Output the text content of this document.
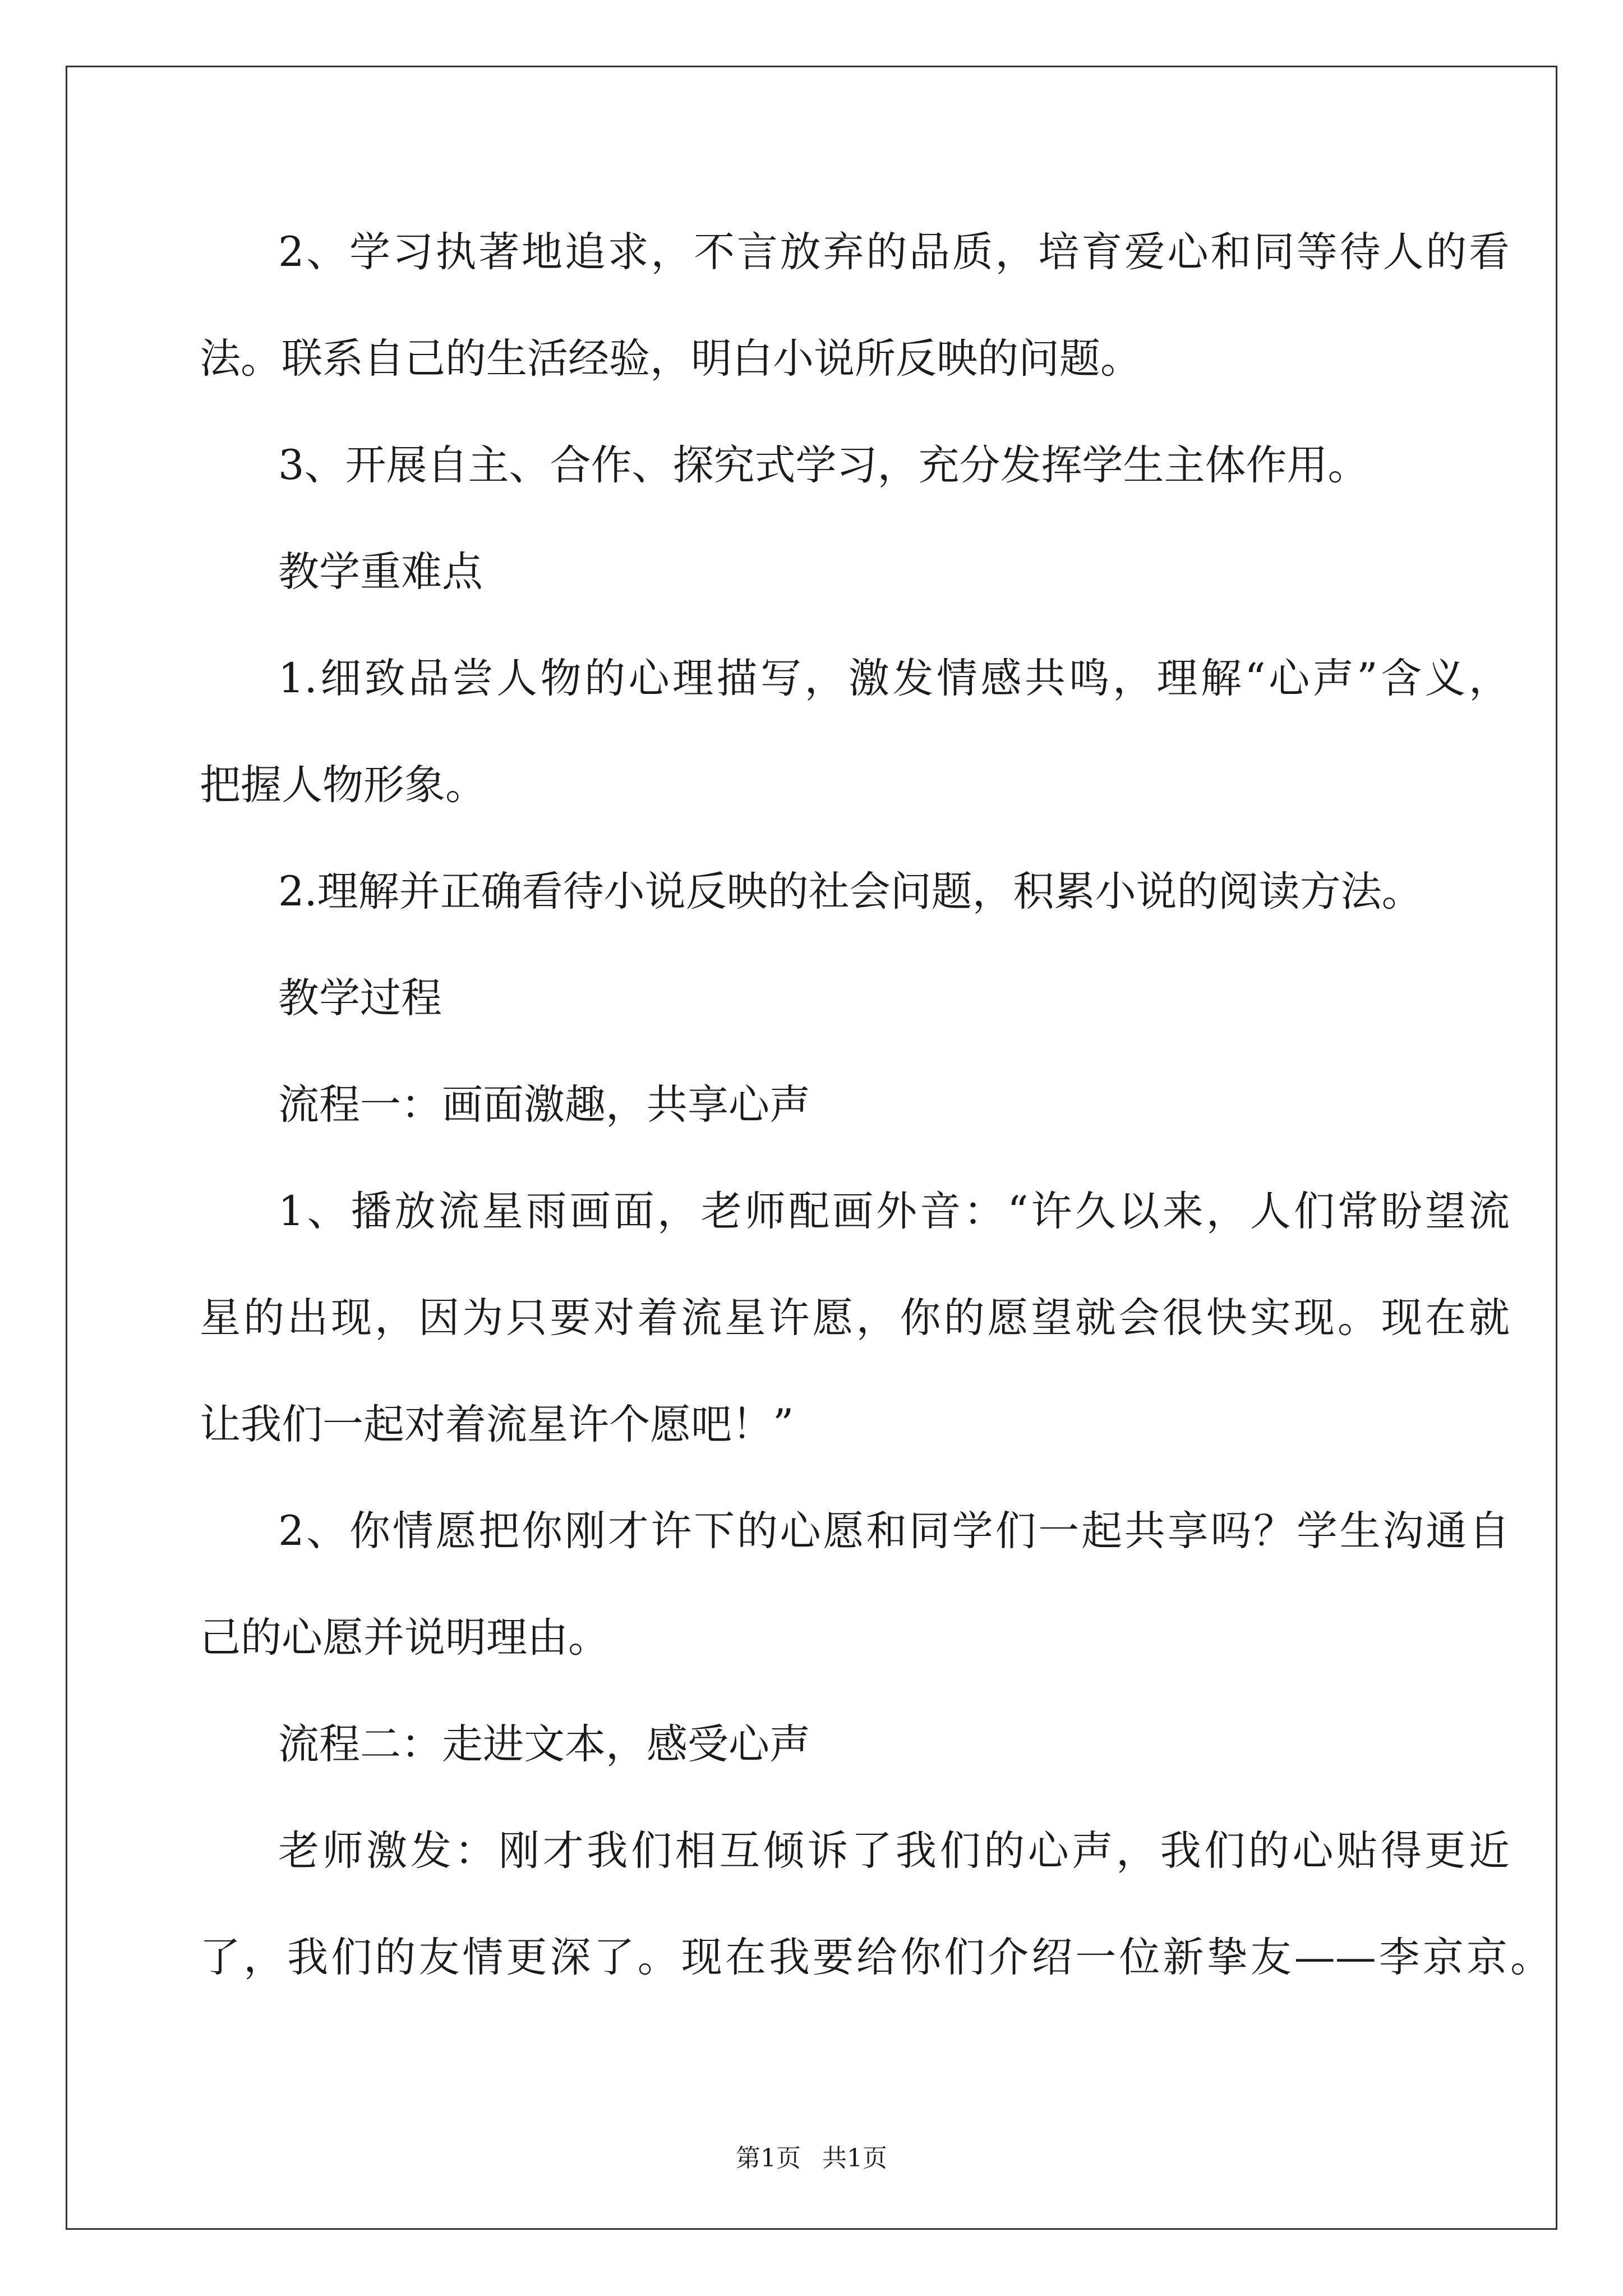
2、学习执著地追求，不言放弃的品质，培育爱心和同等待人的看
法。联系自己的生活经验，明白小说所反映的问题。
3、开展自主、合作、探究式学习，充分发挥学生主体作用。
教学重难点
1.细致品尝人物的心理描写，激发情感共鸣，理解“心声”含义，
把握人物形象。
2.理解并正确看待小说反映的社会问题，积累小说的阅读方法。
教学过程
流程一：画面激趣，共享心声
1、播放流星雨画面，老师配画外音：“许久以来，人们常盼望流
星的出现，因为只要对着流星许愿，你的愿望就会很快实现。现在就
让我们一起对着流星许个愿吧！”
2、你情愿把你刚才许下的心愿和同学们一起共享吗？学生沟通自
己的心愿并说明理由。
流程二：走进文本，感受心声
老师激发：刚才我们相互倾诉了我们的心声，我们的心贴得更近
了，我们的友情更深了。现在我要给你们介绍一位新挚友——李京京。
第1页 共1页
